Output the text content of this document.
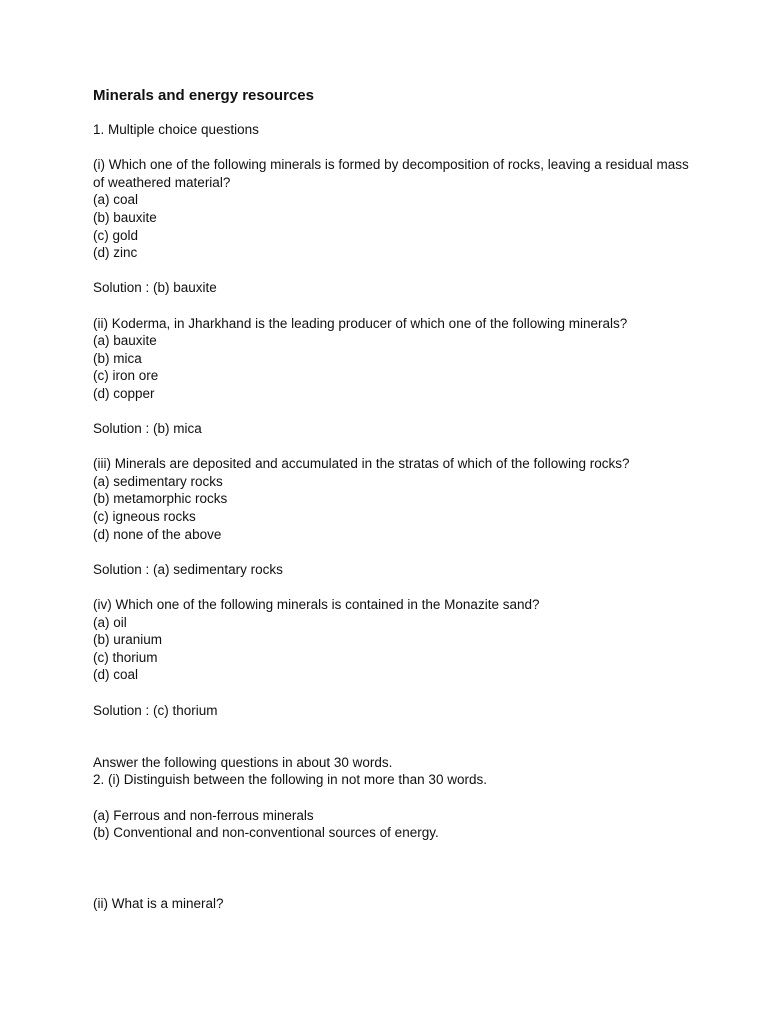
Minerals and energy resources

1. Multiple choice questions

(i) Which one of the following minerals is formed by decomposition of rocks, leaving a residual mass of weathered material?

(a) coal

(b) bauxite

(c) gold

(d) zinc

Solution : (b) bauxite

(ii) Koderma, in Jharkhand is the leading producer of which one of the following minerals?

(a) bauxite

(b) mica

(c) iron ore

(d) copper

Solution : (b) mica

(iii) Minerals are deposited and accumulated in the stratas of which of the following rocks?

(a) sedimentary rocks

(b) metamorphic rocks

(c) igneous rocks

(d) none of the above

Solution : (a) sedimentary rocks

(iv) Which one of the following minerals is contained in the Monazite sand?

(a) oil

(b) uranium

(c) thorium

(d) coal

Solution : (c) thorium

Answer the following questions in about 30 words.

2. (i) Distinguish between the following in not more than 30 words.

(a) Ferrous and non-ferrous minerals

(b) Conventional and non-conventional sources of energy.

(ii) What is a mineral?
